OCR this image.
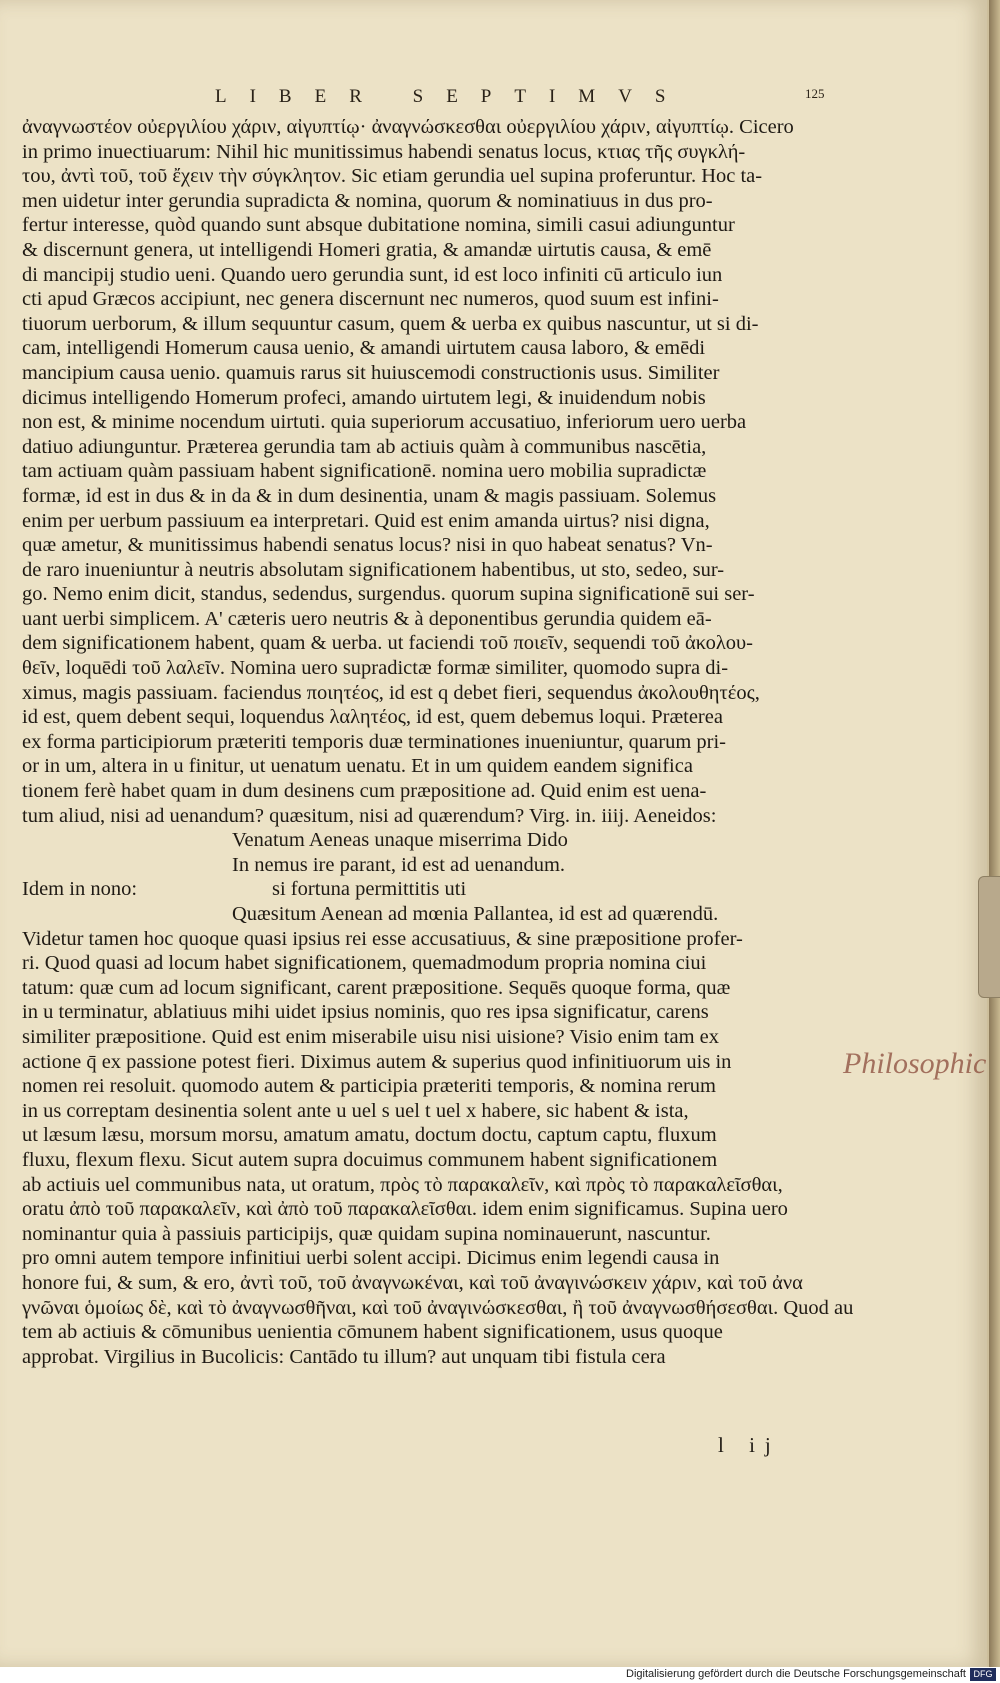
LIBER SEPTIMVS	125
ἀναγνωστέον οὐεργιλίου χάριν, αἰγυπτίῳ· ἀναγνώσκεσθαι οὐεργιλίου χάριν, αἰγυπτίῳ. Cicero
in primo inuectiuarum: Nihil hic munitissimus habendi senatus locus, κτιας τῆς συγκλή-
του, ἀντὶ τοῦ, τοῦ ἔχειν τὴν σύγκλητον. Sic etiam gerundia uel supina proferuntur. Hoc ta-
men uidetur inter gerundia supradicta & nomina, quorum & nominatiuus in dus pro-
fertur interesse, quòd quando sunt absque dubitatione nomina, simili casui adiunguntur
& discernunt genera, ut intelligendi Homeri gratia, & amandæ uirtutis causa, & emē
di mancipij studio ueni. Quando uero gerundia sunt, id est loco infiniti cū articulo iun
cti apud Græcos accipiunt, nec genera discernunt nec numeros, quod suum est infini-
tiuorum uerborum, & illum sequuntur casum, quem & uerba ex quibus nascuntur, ut si di-
cam, intelligendi Homerum causa uenio, & amandi uirtutem causa laboro, & emēdi
mancipium causa uenio. quamuis rarus sit huiuscemodi constructionis usus. Similiter
dicimus intelligendo Homerum profeci, amando uirtutem legi, & inuidendum nobis
non est, & minime nocendum uirtuti. quia superiorum accusatiuo, inferiorum uero uerba
datiuo adiunguntur. Præterea gerundia tam ab actiuis quàm à communibus nascētia,
tam actiuam quàm passiuam habent significationē. nomina uero mobilia supradictæ
formæ, id est in dus & in da & in dum desinentia, unam & magis passiuam. Solemus
enim per uerbum passiuum ea interpretari. Quid est enim amanda uirtus? nisi digna,
quæ ametur, & munitissimus habendi senatus locus? nisi in quo habeat senatus? Vn-
de raro inueniuntur à neutris absolutam significationem habentibus, ut sto, sedeo, sur-
go. Nemo enim dicit, standus, sedendus, surgendus. quorum supina significationē sui ser-
uant uerbi simplicem. A' cæteris uero neutris & à deponentibus gerundia quidem eā-
dem significationem habent, quam & uerba. ut faciendi τοῦ ποιεῖν, sequendi τοῦ ἀκολου-
θεῖν, loquēdi τοῦ λαλεῖν. Nomina uero supradictæ formæ similiter, quomodo supra di-
ximus, magis passiuam. faciendus ποιητέος, id est q debet fieri, sequendus ἀκολουθητέος,
id est, quem debent sequi, loquendus λαλητέος, id est, quem debemus loqui. Præterea
ex forma participiorum præteriti temporis duæ terminationes inueniuntur, quarum pri-
or in um, altera in u finitur, ut uenatum uenatu. Et in um quidem eandem significa
tionem ferè habet quam in dum desinens cum præpositione ad. Quid enim est uena-
tum aliud, nisi ad uenandum? quæsitum, nisi ad quærendum? Virg. in. iiij. Aeneidos:
Venatum Aeneas unaque miserrima Dido
In nemus ire parant, id est ad uenandum.
Idem in nono:	si fortuna permittitis uti
Quæsitum Aenean ad mœnia Pallantea, id est ad quærendū.
Videtur tamen hoc quoque quasi ipsius rei esse accusatiuus, & sine præpositione profer-
ri. Quod quasi ad locum habet significationem, quemadmodum propria nomina ciui
tatum: quæ cum ad locum significant, carent præpositione. Sequēs quoque forma, quæ
in u terminatur, ablatiuus mihi uidet ipsius nominis, quo res ipsa significatur, carens
similiter præpositione. Quid est enim miserabile uisu nisi uisione? Visio enim tam ex
actione q̄ ex passione potest fieri. Diximus autem & superius quod infinitiuorum uis in
nomen rei resoluit. quomodo autem & participia præteriti temporis, & nomina rerum
in us correptam desinentia solent ante u uel s uel t uel x habere, sic habent & ista,
ut læsum læsu, morsum morsu, amatum amatu, doctum doctu, captum captu, fluxum
fluxu, flexum flexu. Sicut autem supra docuimus communem habent significationem
ab actiuis uel communibus nata, ut oratum, πρὸς τὸ παρακαλεῖν, καὶ πρὸς τὸ παρακαλεῖσθαι,
oratu ἀπὸ τοῦ παρακαλεῖν, καὶ ἀπὸ τοῦ παρακαλεῖσθαι. idem enim significamus. Supina uero
nominantur quia à passiuis participijs, quæ quidam supina nominauerunt, nascuntur.
pro omni autem tempore infinitiui uerbi solent accipi. Dicimus enim legendi causa in
honore fui, & sum, & ero, ἀντὶ τοῦ, τοῦ ἀναγνωκέναι, καὶ τοῦ ἀναγινώσκειν χάριν, καὶ τοῦ ἀνα
γνῶναι ὁμοίως δὲ, καὶ τὸ ἀναγνωσθῆναι, καὶ τοῦ ἀναγινώσκεσθαι, ἢ τοῦ ἀναγνωσθήσεσθαι. Quod au
tem ab actiuis & cōmunibus uenientia cōmunem habent significationem, usus quoque
approbat. Virgilius in Bucolicis: Cantādo tu illum? aut unquam tibi fistula cera
Philosophic
l ij
Digitalisierung gefördert durch die Deutsche Forschungsgemeinschaft DFG
